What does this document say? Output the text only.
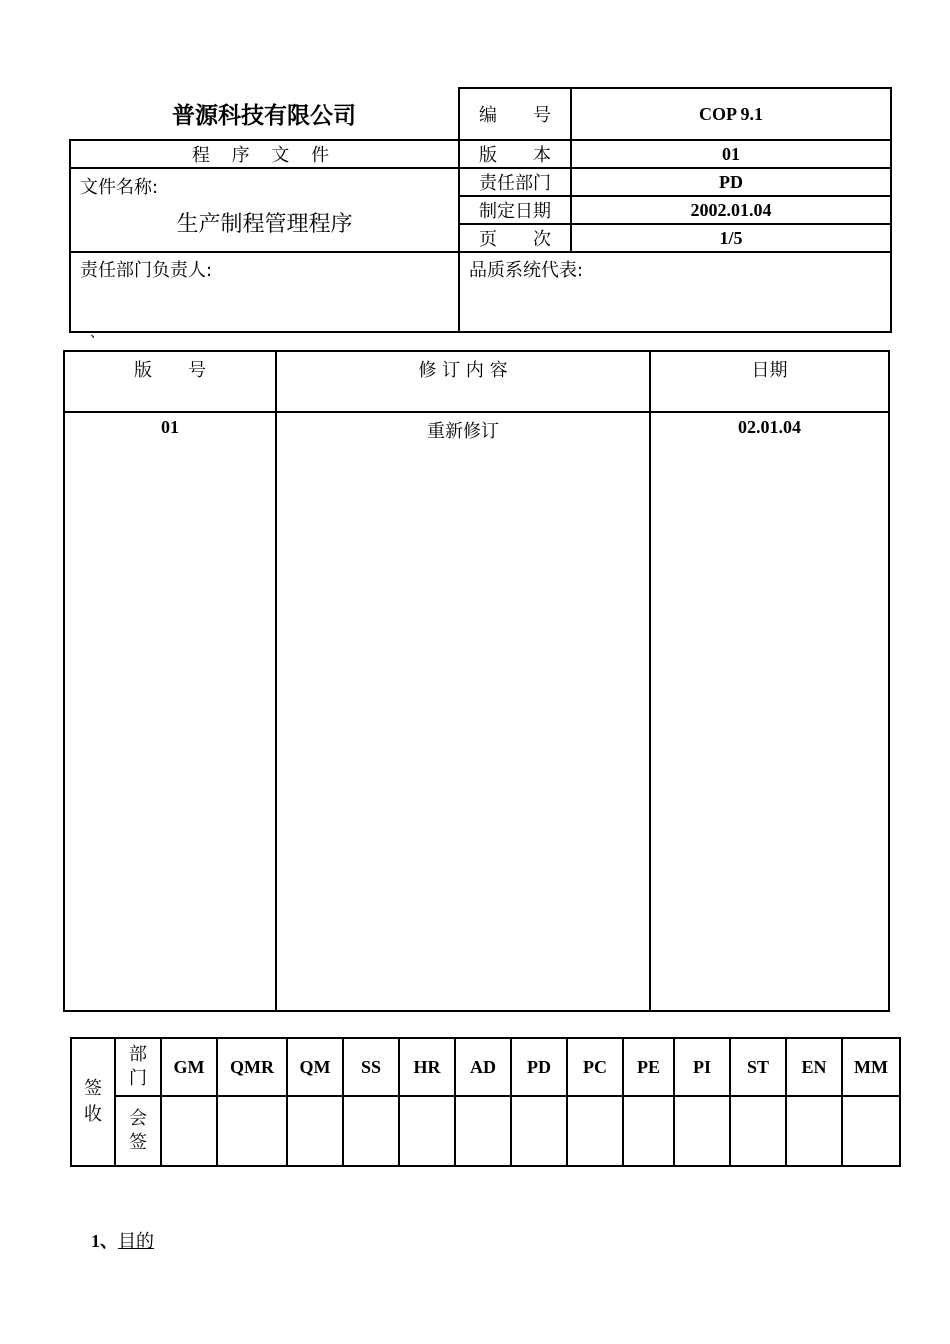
普源科技有限公司	编　　号	COP 9.1
程 序 文 件	版　　本	01

文件名称:
生产制程管理程序	责任部门	PD
	制定日期	2002.01.04
	页　　次	1/5
责任部门负责人:	品质系统代表:	
、
版　　号	修 订 内 容	日期
01	重新修订	02.01.04
签收	部门	GM	QMR	QM	SS	HR	AD	PD	PC	PE	PI	ST	EN	MM

	会签													

1、目的
